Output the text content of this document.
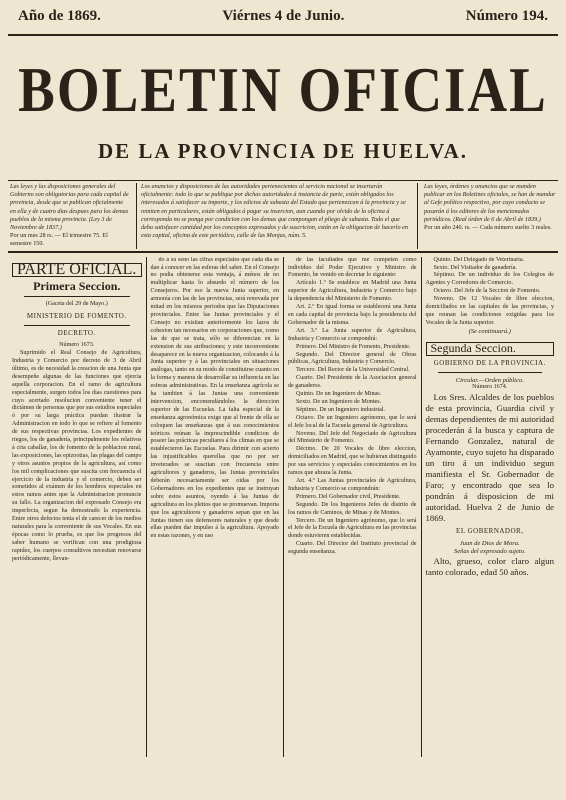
Año de 1869.	Viérnes 4 de Junio.	Número 194.
BOLETIN OFICIAL
DE LA PROVINCIA DE HUELVA.
Las leyes y las disposiciones generales del Gobierno son obligatorias para cada capital de provincia, desde que se publican oficialmente en ella y de cuatro dias despues para los demas pueblos de la misma provincia. (Ley 3 de Noviembre de 1837.)
Por un mes 28 rs. — El trimestre 75. El semestre 150.
Los anuncios y disposiciones de las autoridades pertenecientes al servicio nacional se insertarán oficialmente: todo lo que se publique por dichas autoridades á instancia de parte, están obligados los interesados á satisfacer su importe, y los edictos de subasta del Estado que pertenezcan á la provincia y se remiten en particulares, están obligados á pagar su insercion, aun cuando por olvido de la oficina á corresponda no se ponga por condicion con los demas que compongan el pliego de subasta. Todo el que deba satisfacer cantidad por los conceptos expresados y de suscricion, están en la obligacion de hacerlo en esta capital, oficina de este periódico, calle de las Monjas, núm. 5.
Las leyes, órdenes y anuncios que se manden publicar en los Boletines oficiales, se han de mandar al Gefe político respectivo, por cuyo conducto se pasarán á los editores de los mencionados periódicos. (Real órden de 6 de Abril de 1839.)
Por un año 240. rs. — Cada número suelto 3 reales.
PARTE OFICIAL.
Primera Seccion.

(Gaceta del 29 de Mayo.)

MINISTERIO DE FOMENTO.
DECRETO.

Número 1673.

Suprimido el Real Consejo de Agricultura, Industria y Comercio por decreto de 3 de Abril último, es de necesidad la creacion de una Junta que desempeñe algunas de las funciones que ejercia aquella corporacion. En el ramo de agricultura especialmente, surgen todos los dias cuestiones para cuyo acertado resolucion conveniente tener el dictámen de personas que por sus estudios especiales ó por su larga práctica puedan ilustrar la Administracion en todo lo que se refiere al fomento de sus respectivas provincias. Los expedientes de riegos, los de ganadería, principalmente los relativos á cria caballar, los de fomento de la poblacion rural, las exposiciones, las epizootias, las plagas del campo y otros asuntos propios de la agricultura, así como los mil complicaciones que suscita con frecuencia el ejercicio de la industria y el comercio, deben ser sometidos al exámen de los hombres especiales en estos ramos antes que la Administracion pronuncie su fallo. La organizacion del expresado Consejo era imperfecta, segun ha demostrado la experiencia. Entre otros defectos tenia el de carecer de los medios naturales para la conveniente de sus Vocales. En sus épocas como lo prueba, es que los progresos del saber humano se verifican con una prodigiosa rapidez, los cuerpos consultivos necesitan renovarse periódicamente, llevan-

do á su seno las cifras especiales que cada dia se dan á conocer en las esferas del saber. En el Consejo no podia obtenerse esta ventaja, á ménos de no multiplicar hasta lo absurdo el número de los Consejeros. Por eso la nueva Junta superior, en armonía con las de las provincias, será renovada por mitad en los mismos periodos que las Diputaciones provinciales. Entre las Juntas provinciales y el Consejo no existian anteriormente los lazos de cohesion tan necesarios en corporaciones que, como las de que se trata, sólo se diferencian en la extension de sus atribuciones; y este inconveniente desaparece en la nueva organizacion, colocando á la Junta superior y á las provinciales en situaciones análogas, tanto en su modo de constituirse cuanto en la forma y manera de desarrollar su influencia en las esferas administrativas. En la enseñanza agrícola se ha tambien á las Juntas una conveniente intervencion, encomendándoles la direccion superior de las Escuelas. La falta especial de la enseñanza agronómica exige que al frente de ella se coloquen las enseñanzas que á sus conocimientos teóricos reúnan la imprescindible condicion de poseer las prácticas peculiares á los climas en que se establecieron las Escuelas. Para dirimir con acierto las injustificables querellas que no por ser inveterados se suscitan con frecuencia entre agricultores y ganaderos, las Juntas provinciales deberán necesariamente ser oidas por los Gobernadores en los expedientes que se instruyan sobre estos asuntos, oyendo á las Juntas de agricultura en los pleitos que se promuevan. Importa que los agricultores y ganaderos sepan que en las Juntas tienen sus defensores naturales y que desde ellas pueden dar impulso á la agricultura. Apoyado en estas razones, y en uso

de las facultades que me competen como individuo del Poder Ejecutivo y Ministro de Fomento, he venido en decretar lo siguiente:

Artículo 1.º Se establece en Madrid una Junta superior de Agricultura, Industria y Comercio bajo la dependencia del Ministerio de Fomento.

Art. 2.º En igual forma se establecerá una Junta en cada capital de provincia bajo la presidencia del Gobernador de la misma.

Art. 3.º La Junta superior de Agricultura, Industria y Comercio se compondrá:

Primero. Del Ministro de Fomento, Presidente.

Segundo. Del Director general de Obras públicas, Agricultura, Industria y Comercio.

Tercero. Del Rector de la Universidad Central.

Cuarto. Del Presidente de la Asociacion general de ganaderos.

Quinto. De un Ingeniero de Minas.

Sexto. De un Ingeniero de Montes.

Séptimo. De un Ingeniero industrial.

Octavo. De un Ingeniero agrónomo, que lo será el Jefe local de la Escuela general de Agricultura.

Noveno. Del Jefe del Negociado de Agricultura del Ministerio de Fomento.

Décimo. De 20 Vocales de libre eleccion, domiciliados en Madrid, que se hubieran distinguido por sus servicios y especiales conocimientos en los ramos que abraza la Junta.

Art. 4.º Las Juntas provinciales de Agricultura, Industria y Comercio se compondrán:

Primero. Del Gobernador civil, Presidente.

Segundo. De los Ingenieros Jefes de distrito de los ramos de Caminos, de Minas y de Montes.

Tercero. De un Ingeniero agrónomo, que lo será el Jefe de la Escuela de Agricultura en las provincias donde estuvieren establecidas.

Cuarto. Del Director del Instituto provincial de segunda enseñanza.

Quinto. Del Delegado de Veterinaria.

Sexto. Del Visitador de ganadería.

Séptimo. De un individuo de los Colegios de Agentes y Corredores de Comercio.

Octavo. Del Jefe de la Seccion de Fomento.

Noveno. De 12 Vocales de libre eleccion, domiciliados en las capitales de las provincias, y que reunan las condiciones exigidas para los Vocales de la Junta superior.

(Se continuará.)
Segunda Seccion.
GOBIERNO DE LA PROVINCIA.
Circular.—Orden público.

Número 1674.

Los Sres. Alcaldes de los pueblos de esta provincia, Guardia civil y demas dependientes de mi autoridad procederán á la busca y captura de Fernando Gonzalez, natural de Ayamonte, cuyo sujeto ha disparado un tiro á un individuo segun manifiesta el Sr. Gobernador de Faro; y encontrado que sea lo pondrán á disposicion de mi autoridad. Huelva 2 de Junio de 1869.

EL GOBERNADOR,
Juan de Dios de Mora.
Señas del expresado sujeto.

Alto, grueso, color claro algun tanto colorado, edad 50 años.
